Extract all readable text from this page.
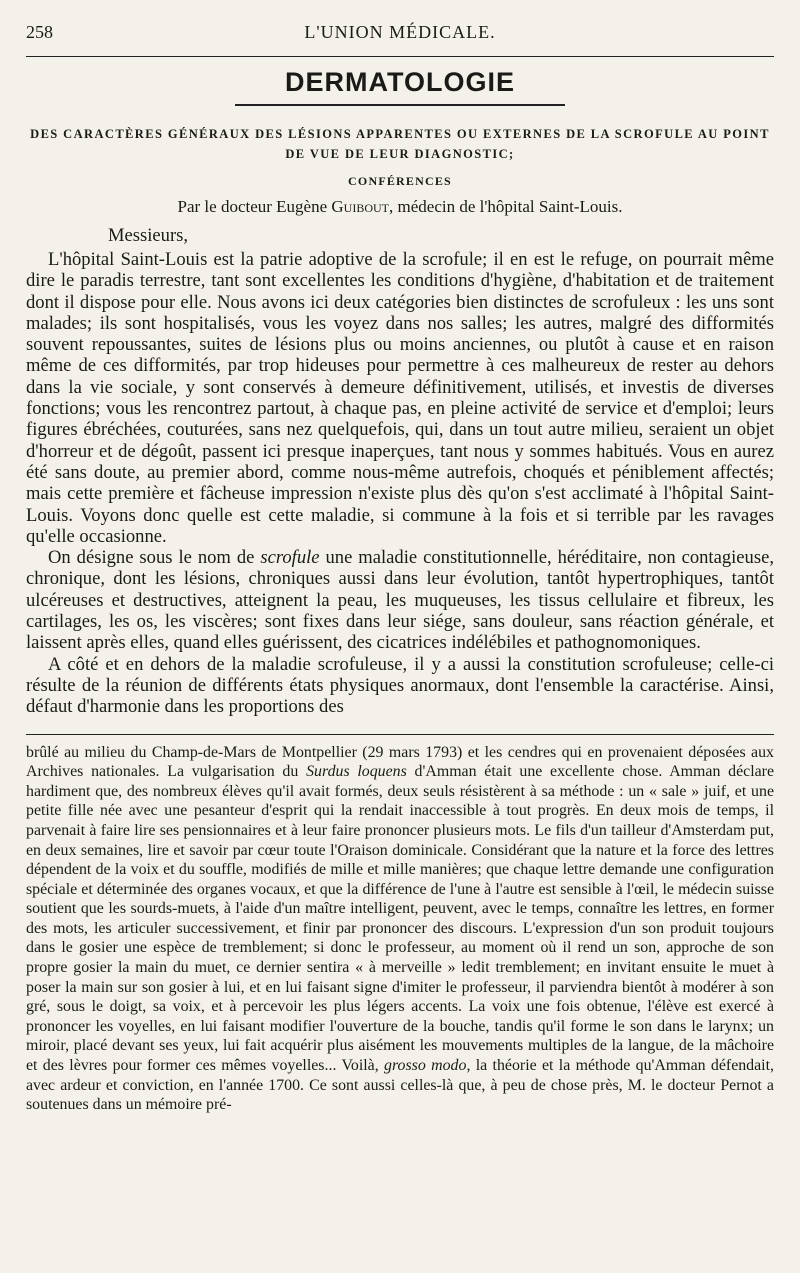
258	L'UNION MÉDICALE.
DERMATOLOGIE
DES CARACTÈRES GÉNÉRAUX DES LÉSIONS APPARENTES OU EXTERNES DE LA SCROFULE AU POINT DE VUE DE LEUR DIAGNOSTIC;
CONFÉRENCES
Par le docteur Eugène Guibout, médecin de l'hôpital Saint-Louis.
Messieurs,

L'hôpital Saint-Louis est la patrie adoptive de la scrofule; il en est le refuge, on pourrait même dire le paradis terrestre, tant sont excellentes les conditions d'hygiène, d'habitation et de traitement dont il dispose pour elle. Nous avons ici deux catégories bien distinctes de scrofuleux : les uns sont malades; ils sont hospitalisés, vous les voyez dans nos salles; les autres, malgré des difformités souvent repoussantes, suites de lésions plus ou moins anciennes, ou plutôt à cause et en raison même de ces difformités, par trop hideuses pour permettre à ces malheureux de rester au dehors dans la vie sociale, y sont conservés à demeure définitivement, utilisés, et investis de diverses fonctions; vous les rencontrez partout, à chaque pas, en pleine activité de service et d'emploi; leurs figures ébréchées, couturées, sans nez quelquefois, qui, dans un tout autre milieu, seraient un objet d'horreur et de dégoût, passent ici presque inaperçues, tant nous y sommes habitués. Vous en aurez été sans doute, au premier abord, comme nous-même autrefois, choqués et péniblement affectés; mais cette première et fâcheuse impression n'existe plus dès qu'on s'est acclimaté à l'hôpital Saint-Louis. Voyons donc quelle est cette maladie, si commune à la fois et si terrible par les ravages qu'elle occasionne.

On désigne sous le nom de scrofule une maladie constitutionnelle, héréditaire, non contagieuse, chronique, dont les lésions, chroniques aussi dans leur évolution, tantôt hypertrophiques, tantôt ulcéreuses et destructives, atteignent la peau, les muqueuses, les tissus cellulaire et fibreux, les cartilages, les os, les viscères; sont fixes dans leur siége, sans douleur, sans réaction générale, et laissent après elles, quand elles guérissent, des cicatrices indélébiles et pathognomoniques.

A côté et en dehors de la maladie scrofuleuse, il y a aussi la constitution scrofuleuse; celle-ci résulte de la réunion de différents états physiques anormaux, dont l'ensemble la caractérise. Ainsi, défaut d'harmonie dans les proportions des

brûlé au milieu du Champ-de-Mars de Montpellier (29 mars 1793) et les cendres qui en provenaient déposées aux Archives nationales. La vulgarisation du Surdus loquens d'Amman était une excellente chose. Amman déclare hardiment que, des nombreux élèves qu'il avait formés, deux seuls résistèrent à sa méthode : un « sale » juif, et une petite fille née avec une pesanteur d'esprit qui la rendait inaccessible à tout progrès. En deux mois de temps, il parvenait à faire lire ses pensionnaires et à leur faire prononcer plusieurs mots. Le fils d'un tailleur d'Amsterdam put, en deux semaines, lire et savoir par cœur toute l'Oraison dominicale. Considérant que la nature et la force des lettres dépendent de la voix et du souffle, modifiés de mille et mille manières; que chaque lettre demande une configuration spéciale et déterminée des organes vocaux, et que la différence de l'une à l'autre est sensible à l'œil, le médecin suisse soutient que les sourds-muets, à l'aide d'un maître intelligent, peuvent, avec le temps, connaître les lettres, en former des mots, les articuler successivement, et finir par prononcer des discours. L'expression d'un son produit toujours dans le gosier une espèce de tremblement; si donc le professeur, au moment où il rend un son, approche de son propre gosier la main du muet, ce dernier sentira « à merveille » ledit tremblement; en invitant ensuite le muet à poser la main sur son gosier à lui, et en lui faisant signe d'imiter le professeur, il parviendra bientôt à modérer à son gré, sous le doigt, sa voix, et à percevoir les plus légers accents. La voix une fois obtenue, l'élève est exercé à prononcer les voyelles, en lui faisant modifier l'ouverture de la bouche, tandis qu'il forme le son dans le larynx; un miroir, placé devant ses yeux, lui fait acquérir plus aisément les mouvements multiples de la langue, de la mâchoire et des lèvres pour former ces mêmes voyelles... Voilà, grosso modo, la théorie et la méthode qu'Amman défendait, avec ardeur et conviction, en l'année 1700. Ce sont aussi celles-là que, à peu de chose près, M. le docteur Pernot a soutenues dans un mémoire pré-
